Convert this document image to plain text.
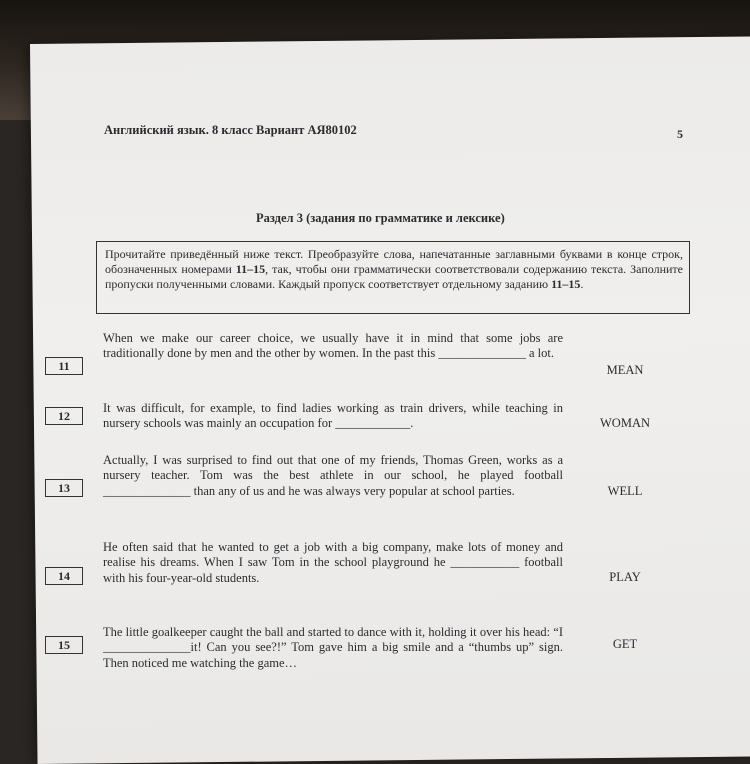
Английский язык. 8 класс Вариант АЯ80102	5
Раздел 3 (задания по грамматике и лексике)
Прочитайте приведённый ниже текст. Преобразуйте слова, напечатанные заглавными буквами в конце строк, обозначенных номерами 11–15, так, чтобы они грамматически соответствовали содержанию текста. Заполните пропуски полученными словами. Каждый пропуск соответствует отдельному заданию 11–15.
11
When we make our career choice, we usually have it in mind that some jobs are traditionally done by men and the other by women. In the past this ______________ a lot.
MEAN
12
It was difficult, for example, to find ladies working as train drivers, while teaching in nursery schools was mainly an occupation for ____________.	WOMAN
13
Actually, I was surprised to find out that one of my friends, Thomas Green, works as a nursery teacher. Tom was the best athlete in our school, he played football ______________ than any of us and he was always very popular at school parties.	WELL
14
He often said that he wanted to get a job with a big company, make lots of money and realise his dreams. When I saw Tom in the school playground he ___________ football with his four-year-old students.	PLAY
15
The little goalkeeper caught the ball and started to dance with it, holding it over his head: “I ______________it! Can you see?!” Tom gave him a big smile and a “thumbs up” sign. Then noticed me watching the game…
GET
